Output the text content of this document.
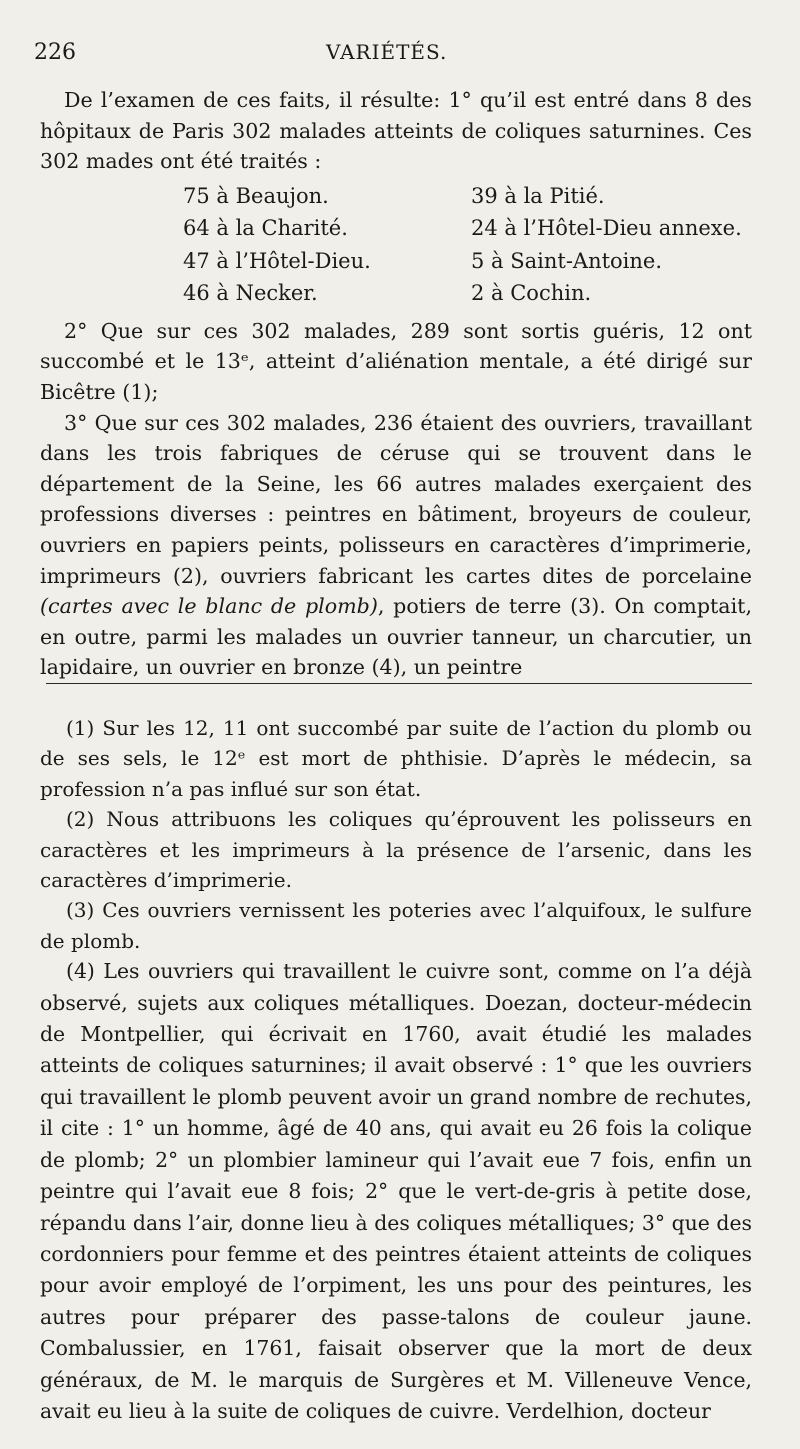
226	VARIÉTÉS.

De l’examen de ces faits, il résulte: 1° qu’il est entré dans 8 des hôpitaux de Paris 302 malades atteints de coliques saturnines. Ces 302 mades ont été traités :

75 à Beaujon.	39 à la Pitié.
64 à la Charité.	24 à l’Hôtel-Dieu annexe.
47 à l’Hôtel-Dieu.	5 à Saint-Antoine.
46 à Necker.	2 à Cochin.

2° Que sur ces 302 malades, 289 sont sortis guéris, 12 ont succombé et le 13ᵉ, atteint d’aliénation mentale, a été dirigé sur Bicêtre (1);

3° Que sur ces 302 malades, 236 étaient des ouvriers, travaillant dans les trois fabriques de céruse qui se trouvent dans le département de la Seine, les 66 autres malades exerçaient des professions diverses : peintres en bâtiment, broyeurs de couleur, ouvriers en papiers peints, polisseurs en caractères d’imprimerie, imprimeurs (2), ouvriers fabricant les cartes dites de porcelaine (cartes avec le blanc de plomb), potiers de terre (3). On comptait, en outre, parmi les malades un ouvrier tanneur, un charcutier, un lapidaire, un ouvrier en bronze (4), un peintre

(1) Sur les 12, 11 ont succombé par suite de l’action du plomb ou de ses sels, le 12ᵉ est mort de phthisie. D’après le médecin, sa profession n’a pas influé sur son état.

(2) Nous attribuons les coliques qu’éprouvent les polisseurs en caractères et les imprimeurs à la présence de l’arsenic, dans les caractères d’imprimerie.

(3) Ces ouvriers vernissent les poteries avec l’alquifoux, le sulfure de plomb.

(4) Les ouvriers qui travaillent le cuivre sont, comme on l’a déjà observé, sujets aux coliques métalliques. Doezan, docteur-médecin de Montpellier, qui écrivait en 1760, avait étudié les malades atteints de coliques saturnines; il avait observé : 1° que les ouvriers qui travaillent le plomb peuvent avoir un grand nombre de rechutes, il cite : 1° un homme, âgé de 40 ans, qui avait eu 26 fois la colique de plomb; 2° un plombier lamineur qui l’avait eue 7 fois, enfin un peintre qui l’avait eue 8 fois; 2° que le vert-de-gris à petite dose, répandu dans l’air, donne lieu à des coliques métalliques; 3° que des cordonniers pour femme et des peintres étaient atteints de coliques pour avoir employé de l’orpiment, les uns pour des peintures, les autres pour préparer des passe-talons de couleur jaune. Combalussier, en 1761, faisait observer que la mort de deux généraux, de M. le marquis de Surgères et M. Villeneuve Vence, avait eu lieu à la suite de coliques de cuivre. Verdelhion, docteur
